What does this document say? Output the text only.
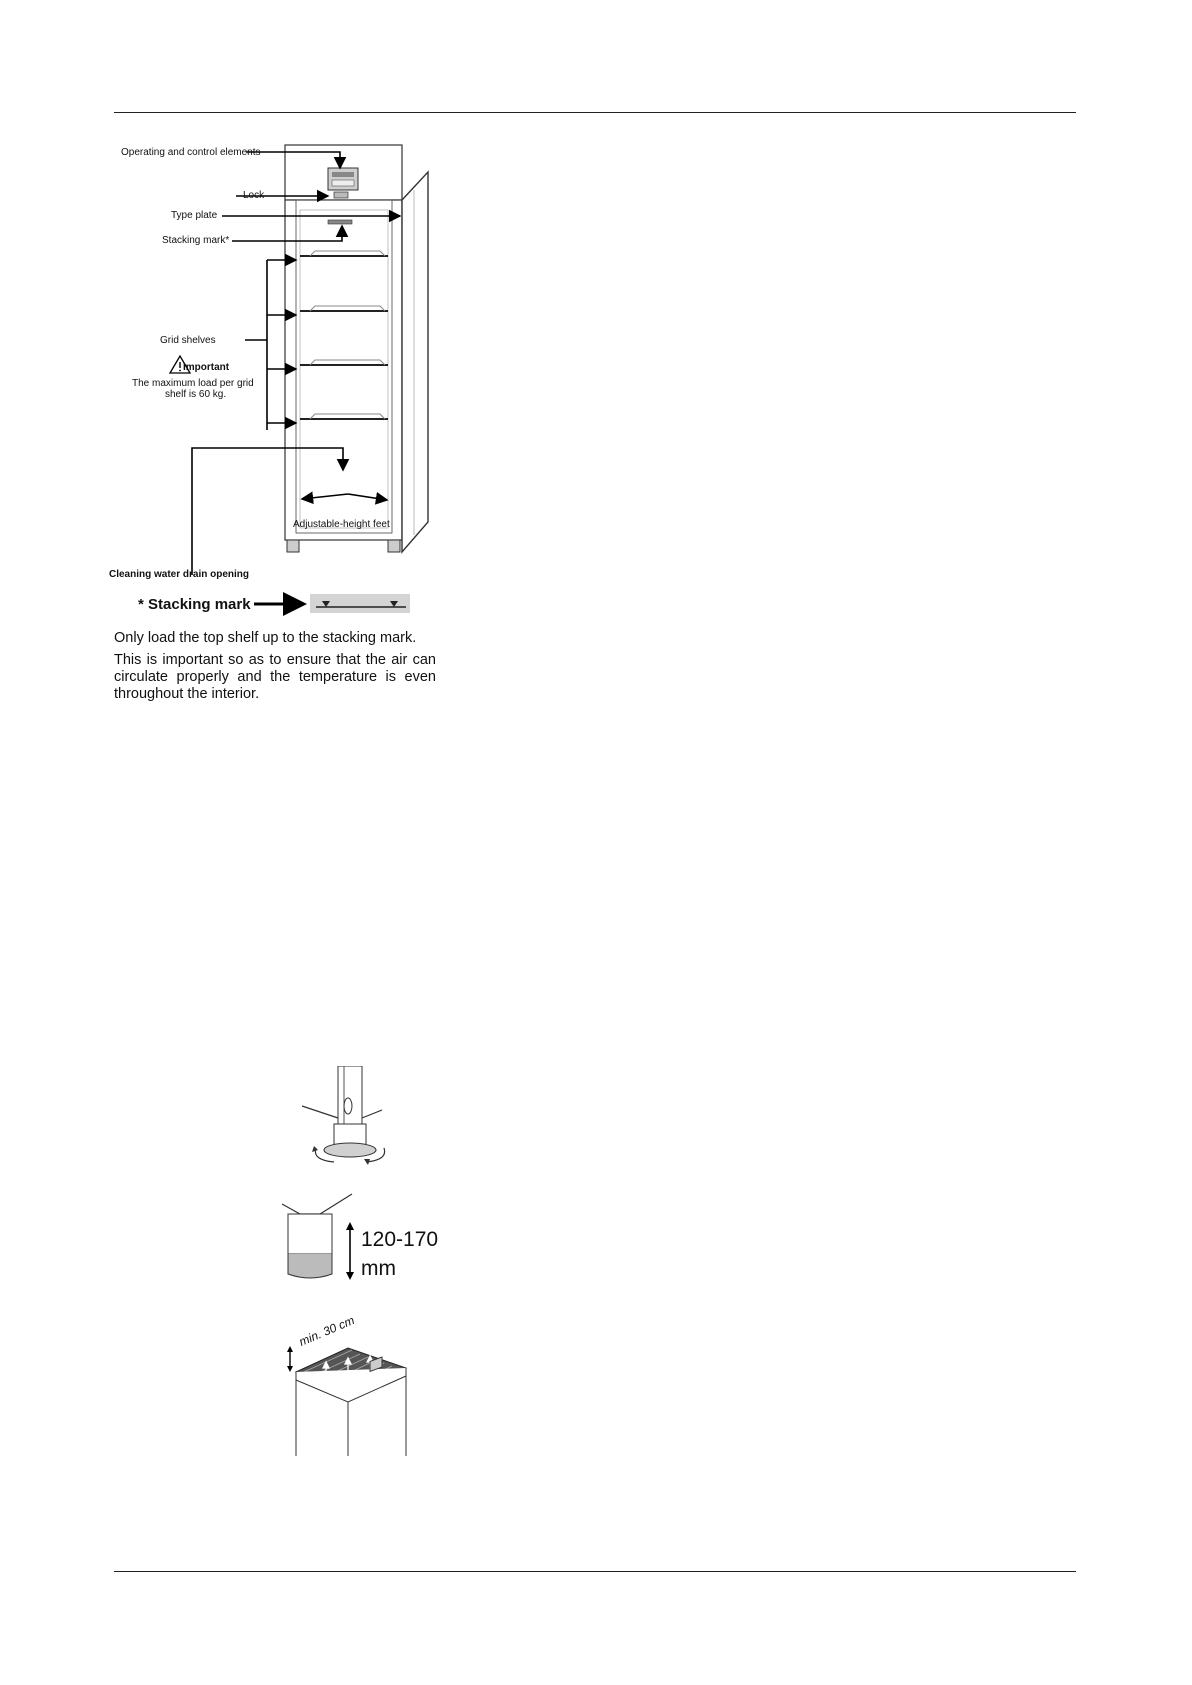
Operating and control elements
Lock
Type plate
Stacking mark*
Grid shelves
Important
The maximum load per grid
shelf is 60 kg.
Adjustable-height feet
Cleaning water drain opening
* Stacking mark

Only load the top shelf up to the stacking mark.

This is important so as to ensure that the air can circulate properly and the temperature is even throughout the interior.

120-170
mm
min. 30 cm
